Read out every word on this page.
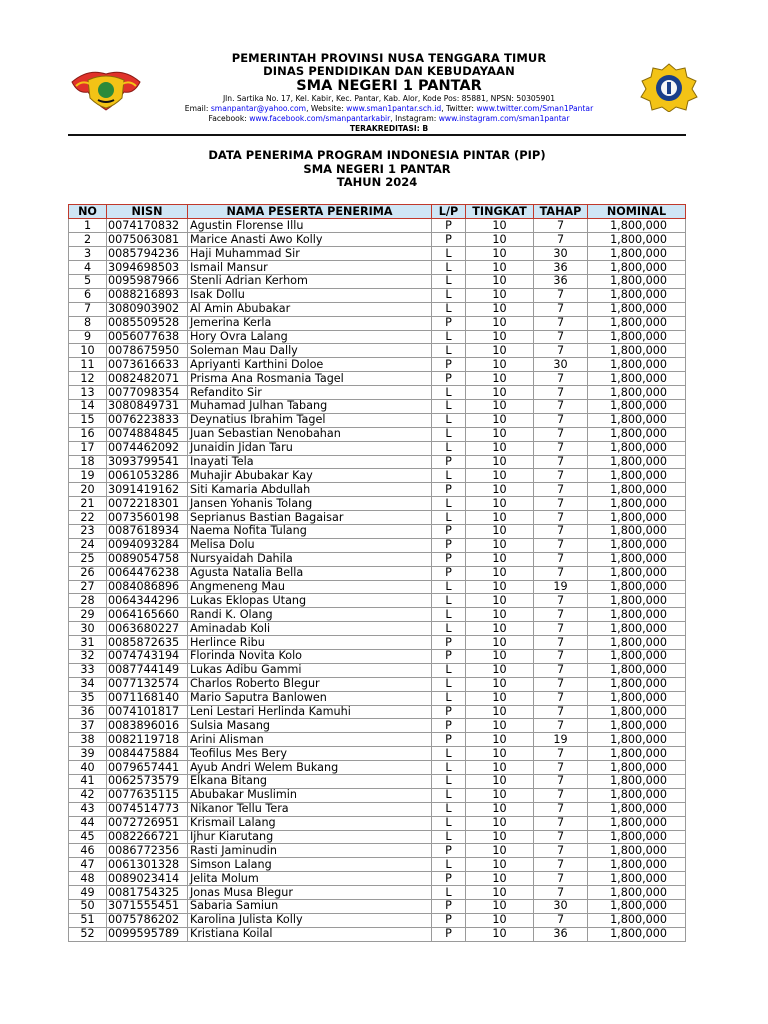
PEMERINTAH PROVINSI NUSA TENGGARA TIMUR
DINAS PENDIDIKAN DAN KEBUDAYAAN
SMA NEGERI 1 PANTAR
Jln. Sartika No. 17, Kel. Kabir, Kec. Pantar, Kab. Alor, Kode Pos: 85881, NPSN: 50305901
Email: smanpantar@yahoo.com, Website: www.sman1pantar.sch.id, Twitter: www.twitter.com/Sman1Pantar
Facebook: www.facebook.com/smanpantarkabir, Instagram: www.instagram.com/sman1pantar
TERAKREDITASI: B
DATA PENERIMA PROGRAM INDONESIA PINTAR (PIP)
SMA NEGERI 1 PANTAR
TAHUN 2024
NO	NISN	NAMA PESERTA PENERIMA	L/P	TINGKAT	TAHAP	NOMINAL
1	0074170832	Agustin Florense Illu	P	10	7	1,800,000
2	0075063081	Marice Anasti Awo Kolly	P	10	7	1,800,000
3	0085794236	Haji Muhammad Sir	L	10	30	1,800,000
4	3094698503	Ismail Mansur	L	10	36	1,800,000
5	0095987966	Stenli Adrian Kerhom	L	10	36	1,800,000
6	0088216893	Isak Dollu	L	10	7	1,800,000
7	3080903902	Al Amin Abubakar	L	10	7	1,800,000
8	0085509528	Jemerina Kerla	P	10	7	1,800,000
9	0056077638	Hory Ovra Lalang	L	10	7	1,800,000
10	0078675950	Soleman Mau Dally	L	10	7	1,800,000
11	0073616633	Apriyanti Karthini Doloe	P	10	30	1,800,000
12	0082482071	Prisma Ana Rosmania Tagel	P	10	7	1,800,000
13	0077098354	Refandito Sir	L	10	7	1,800,000
14	3080849731	Muhamad Julhan Tabang	L	10	7	1,800,000
15	0076223833	Deynatius Ibrahim Tagel	L	10	7	1,800,000
16	0074884845	Juan Sebastian Nenobahan	L	10	7	1,800,000
17	0074462092	Junaidin Jidan Taru	L	10	7	1,800,000
18	3093799541	Inayati Tela	P	10	7	1,800,000
19	0061053286	Muhajir Abubakar Kay	L	10	7	1,800,000
20	3091419162	Siti Kamaria Abdullah	P	10	7	1,800,000
21	0072218301	Jansen Yohanis Tolang	L	10	7	1,800,000
22	0073560198	Seprianus Bastian Bagaisar	L	10	7	1,800,000
23	0087618934	Naema Nofita Tulang	P	10	7	1,800,000
24	0094093284	Melisa Dolu	P	10	7	1,800,000
25	0089054758	Nursyaidah Dahila	P	10	7	1,800,000
26	0064476238	Agusta Natalia Bella	P	10	7	1,800,000
27	0084086896	Angmeneng Mau	L	10	19	1,800,000
28	0064344296	Lukas Eklopas Utang	L	10	7	1,800,000
29	0064165660	Randi K. Olang	L	10	7	1,800,000
30	0063680227	Aminadab Koli	L	10	7	1,800,000
31	0085872635	Herlince Ribu	P	10	7	1,800,000
32	0074743194	Florinda Novita Kolo	P	10	7	1,800,000
33	0087744149	Lukas Adibu Gammi	L	10	7	1,800,000
34	0077132574	Charlos Roberto Blegur	L	10	7	1,800,000
35	0071168140	Mario Saputra Banlowen	L	10	7	1,800,000
36	0074101817	Leni Lestari Herlinda Kamuhi	P	10	7	1,800,000
37	0083896016	Sulsia Masang	P	10	7	1,800,000
38	0082119718	Arini Alisman	P	10	19	1,800,000
39	0084475884	Teofilus Mes Bery	L	10	7	1,800,000
40	0079657441	Ayub Andri Welem Bukang	L	10	7	1,800,000
41	0062573579	Elkana Bitang	L	10	7	1,800,000
42	0077635115	Abubakar Muslimin	L	10	7	1,800,000
43	0074514773	Nikanor Tellu Tera	L	10	7	1,800,000
44	0072726951	Krismail Lalang	L	10	7	1,800,000
45	0082266721	Ijhur Kiarutang	L	10	7	1,800,000
46	0086772356	Rasti Jaminudin	P	10	7	1,800,000
47	0061301328	Simson Lalang	L	10	7	1,800,000
48	0089023414	Jelita Molum	P	10	7	1,800,000
49	0081754325	Jonas Musa Blegur	L	10	7	1,800,000
50	3071555451	Sabaria Samiun	P	10	30	1,800,000
51	0075786202	Karolina Julista Kolly	P	10	7	1,800,000
52	0099595789	Kristiana Koilal	P	10	36	1,800,000
